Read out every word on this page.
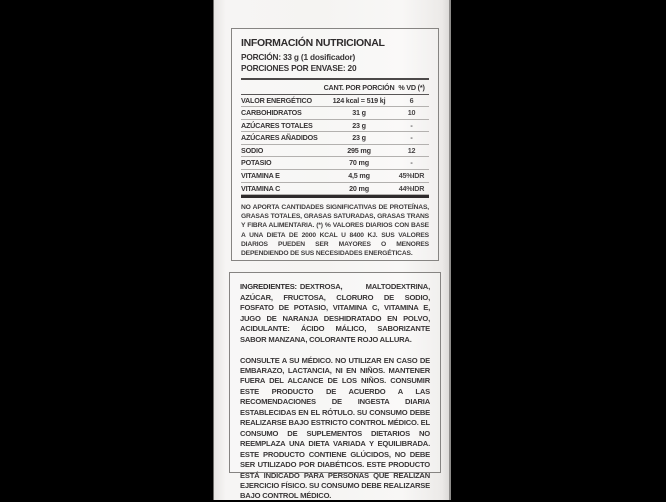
INFORMACIÓN NUTRICIONAL
PORCIÓN: 33 g (1 dosificador)
PORCIONES POR ENVASE: 20
CANT. POR PORCIÓN % VD (*)
VALOR ENERGÉTICO	124 kcal = 519 kj	6
CARBOHIDRATOS	31 g	10
AZÚCARES TOTALES	23 g	-
AZÚCARES AÑADIDOS	23 g	-
SODIO	295 mg	12
POTASIO	70 mg	-
VITAMINA E	4,5 mg	45%IDR
VITAMINA C	20 mg	44%IDR
NO APORTA CANTIDADES SIGNIFICATIVAS DE PROTEÍNAS, GRASAS TOTALES, GRASAS SATURADAS, GRASAS TRANS Y FIBRA ALIMENTARIA. (*) % VALORES DIARIOS CON BASE A UNA DIETA DE 2000 KCAL U 8400 KJ. SUS VALORES DIARIOS PUEDEN SER MAYORES O MENORES DEPENDIENDO DE SUS NECESIDADES ENERGÉTICAS.

INGREDIENTES: DEXTROSA, MALTODEXTRINA, AZÚCAR, FRUCTOSA, CLORURO DE SODIO, FOSFATO DE POTASIO, VITAMINA C, VITAMINA E, JUGO DE NARANJA DESHIDRATADO EN POLVO, ACIDULANTE: ÁCIDO MÁLICO, SABORIZANTE SABOR MANZANA, COLORANTE ROJO ALLURA.

CONSULTE A SU MÉDICO. NO UTILIZAR EN CASO DE EMBARAZO, LACTANCIA, NI EN NIÑOS. MANTENER FUERA DEL ALCANCE DE LOS NIÑOS. CONSUMIR ESTE PRODUCTO DE ACUERDO A LAS RECOMENDACIONES DE INGESTA DIARIA ESTABLECIDAS EN EL RÓTULO. SU CONSUMO DEBE REALIZARSE BAJO ESTRICTO CONTROL MÉDICO. EL CONSUMO DE SUPLEMENTOS DIETARIOS NO REEMPLAZA UNA DIETA VARIADA Y EQUILIBRADA. ESTE PRODUCTO CONTIENE GLÚCIDOS, NO DEBE SER UTILIZADO POR DIABÉTICOS. ESTE PRODUCTO ESTÁ INDICADO PARA PERSONAS QUE REALIZAN EJERCICIO FÍSICO. SU CONSUMO DEBE REALIZARSE BAJO CONTROL MÉDICO.
